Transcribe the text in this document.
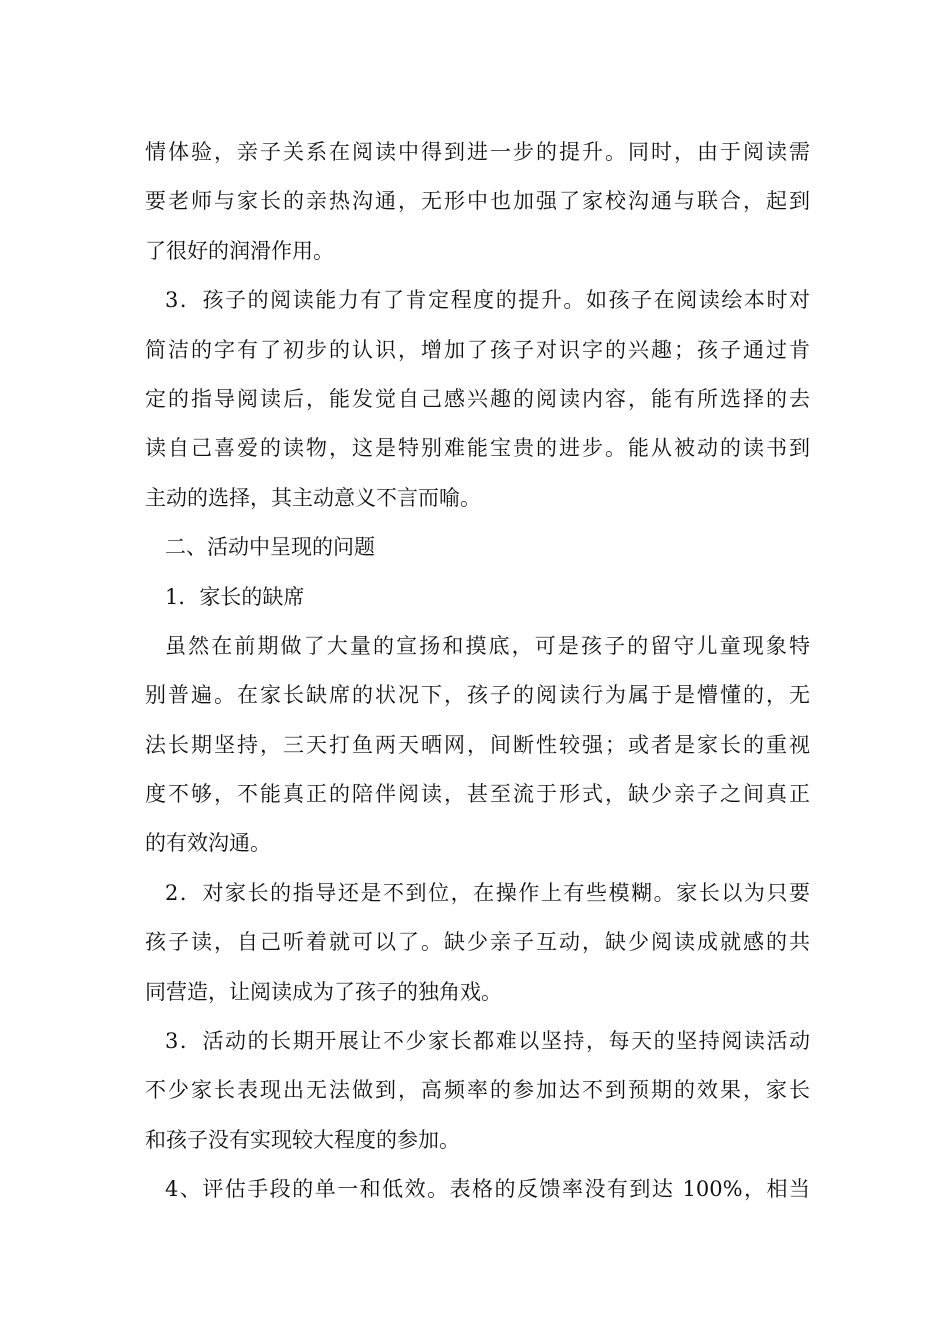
情体验，亲子关系在阅读中得到进一步的提升。同时，由于阅读需
要老师与家长的亲热沟通，无形中也加强了家校沟通与联合，起到
了很好的润滑作用。
3．孩子的阅读能力有了肯定程度的提升。如孩子在阅读绘本时对
简洁的字有了初步的认识，增加了孩子对识字的兴趣；孩子通过肯
定的指导阅读后，能发觉自己感兴趣的阅读内容，能有所选择的去
读自己喜爱的读物，这是特别难能宝贵的进步。能从被动的读书到
主动的选择，其主动意义不言而喻。
二、活动中呈现的问题
1．家长的缺席
虽然在前期做了大量的宣扬和摸底，可是孩子的留守儿童现象特
别普遍。在家长缺席的状况下，孩子的阅读行为属于是懵懂的，无
法长期坚持，三天打鱼两天晒网，间断性较强；或者是家长的重视
度不够，不能真正的陪伴阅读，甚至流于形式，缺少亲子之间真正
的有效沟通。
2．对家长的指导还是不到位，在操作上有些模糊。家长以为只要
孩子读，自己听着就可以了。缺少亲子互动，缺少阅读成就感的共
同营造，让阅读成为了孩子的独角戏。
3．活动的长期开展让不少家长都难以坚持，每天的坚持阅读活动
不少家长表现出无法做到，高频率的参加达不到预期的效果，家长
和孩子没有实现较大程度的参加。
4、评估手段的单一和低效。表格的反馈率没有到达 100%，相当
